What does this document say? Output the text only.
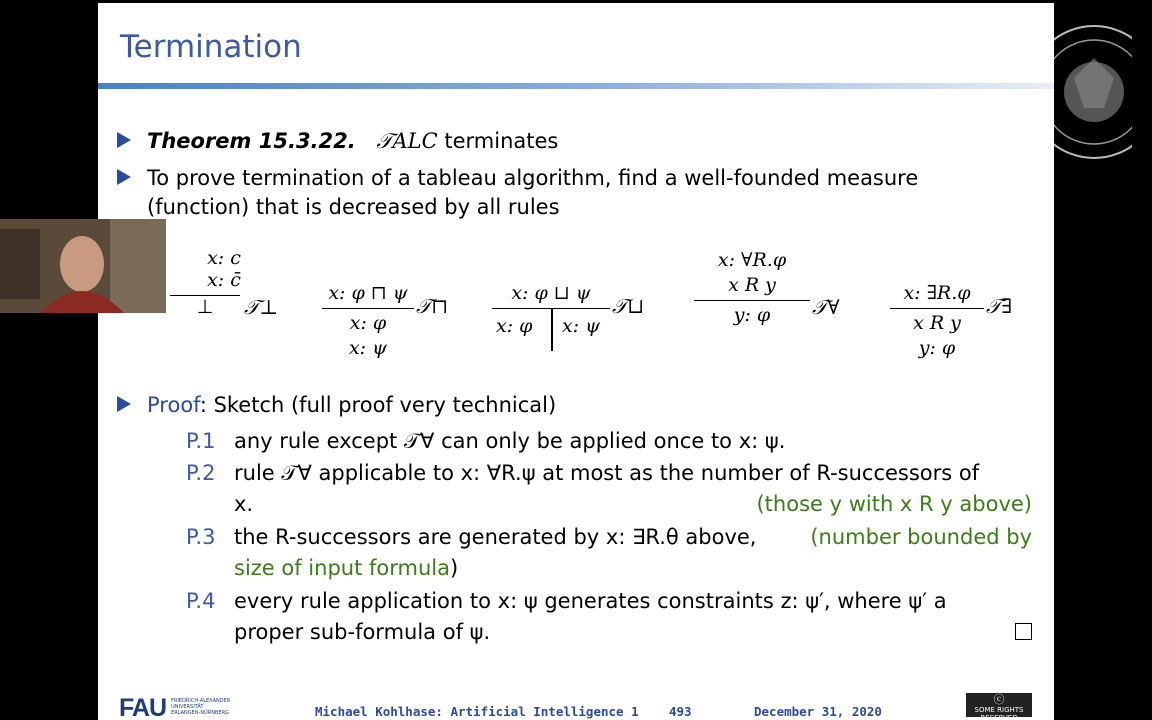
Termination
Theorem 15.3.22. 𝒯ALC terminates
To prove termination of a tableau algorithm, find a well-founded measure
(function) that is decreased by all rules
x: c
x: c̄
⊥	𝒯⊥
x: φ ⊓ ψ
x: φ
x: ψ
𝒯⊓
x: φ ⊔ ψ
x: φ x: ψ
𝒯⊔
x: ∀R.φ
x R y
y: φ	𝒯∀
x: ∃R.φ
x R y
y: φ
𝒯∃
Proof: Sketch (full proof very technical)
P.1 any rule except 𝒯∀ can only be applied once to x: ψ.
P.2 rule 𝒯∀ applicable to x: ∀R.ψ at most as the number of R-successors of
x.	(those y with x R y above)
P.3 the R-successors are generated by x: ∃R.θ above,	(number bounded by
size of input formula)
P.4 every rule application to x: ψ generates constraints z: ψ′, where ψ′ a
proper sub-formula of ψ.
FAU FRIEDRICH-ALEXANDER UNIVERSITÄT ERLANGEN-NÜRNBERG	Michael Kohlhase: Artificial Intelligence 1 493	December 31, 2020
ⓒ
SOME RIGHTS RESERVED
